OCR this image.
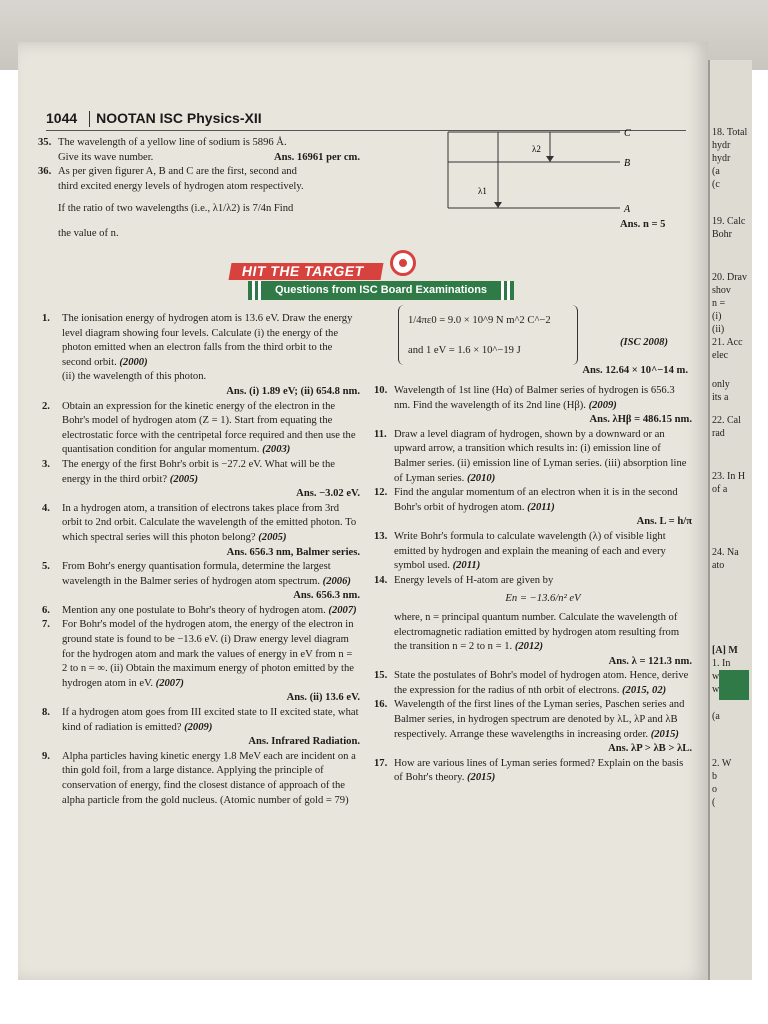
1044 NOOTAN ISC Physics-XII
35. The wavelength of a yellow line of sodium is 5896 Å.
Give its wave number.	Ans. 16961 per cm.
36. As per given figurer A, B and C are the first, second and
third excited energy levels of hydrogen atom respectively.
If the ratio of two wavelengths (i.e., λ1/λ2) is 7/4n Find
the value of n.
C
B
A
λ2
λ1
Ans. n = 5
HIT THE TARGET
Questions from ISC Board Examinations
1. The ionisation energy of hydrogen atom is 13.6 eV. Draw the energy level diagram showing four levels. Calculate (i) the energy of the photon emitted when an electron falls from the third orbit to the second orbit. (2000)
(ii) the wavelength of this photon.
Ans. (i) 1.89 eV; (ii) 654.8 nm.
2. Obtain an expression for the kinetic energy of the electron in the Bohr's model of hydrogen atom (Z = 1). Start from equating the electrostatic force with the centripetal force required and then use the quantisation condition for angular momentum. (2003)
3. The energy of the first Bohr's orbit is −27.2 eV. What will be the energy in the third orbit? (2005)
Ans. −3.02 eV.
4. In a hydrogen atom, a transition of electrons takes place from 3rd orbit to 2nd orbit. Calculate the wavelength of the emitted photon. To which spectral series will this photon belong? (2005)
Ans. 656.3 nm, Balmer series.
5. From Bohr's energy quantisation formula, determine the largest wavelength in the Balmer series of hydrogen atom spectrum. (2006)
Ans. 656.3 nm.
6. Mention any one postulate to Bohr's theory of hydrogen atom. (2007)
7. For Bohr's model of the hydrogen atom, the energy of the electron in ground state is found to be −13.6 eV. (i) Draw energy level diagram for the hydrogen atom and mark the values of energy in eV from n = 2 to n = ∞. (ii) Obtain the maximum energy of photon emitted by the hydrogen atom in eV. (2007)
Ans. (ii) 13.6 eV.
8. If a hydrogen atom goes from III excited state to II excited state, what kind of radiation is emitted? (2009)
Ans. Infrared Radiation.
9. Alpha particles having kinetic energy 1.8 MeV each are incident on a thin gold foil, from a large distance. Applying the principle of conservation of energy, find the closest distance of approach of the alpha particle from the gold nucleus. (Atomic number of gold = 79)
1/4πε0 = 9.0 × 10^9 N m^2 C^−2
and 1 eV = 1.6 × 10^−19 J
(ISC 2008)
Ans. 12.64 × 10^−14 m.
10. Wavelength of 1st line (Hα) of Balmer series of hydrogen is 656.3 nm. Find the wavelength of its 2nd line (Hβ). (2009)
Ans. λHβ = 486.15 nm.
11. Draw a level diagram of hydrogen, shown by a downward or an upward arrow, a transition which results in: (i) emission line of Balmer series. (ii) emission line of Lyman series. (iii) absorption line of Lyman series. (2010)
12. Find the angular momentum of an electron when it is in the second Bohr's orbit of hydrogen atom. (2011)
Ans. L = h/π
13. Write Bohr's formula to calculate wavelength (λ) of visible light emitted by hydrogen and explain the meaning of each and every symbol used. (2011)
14. Energy levels of H-atom are given by
En = −13.6/n² eV
where, n = principal quantum number. Calculate the wavelength of electromagnetic radiation emitted by hydrogen atom resulting from the transition n = 2 to n = 1. (2012)
Ans. λ = 121.3 nm.
15. State the postulates of Bohr's model of hydrogen atom. Hence, derive the expression for the radius of nth orbit of electrons. (2015, 02)
16. Wavelength of the first lines of the Lyman series, Paschen series and Balmer series, in hydrogen spectrum are denoted by λL, λP and λB respectively. Arrange these wavelengths in increasing order. (2015)
Ans. λP > λB > λL.
17. How are various lines of Lyman series formed? Explain on the basis of Bohr's theory. (2015)
18. Total
hydr
hydr
(a
(c
19. Calc
Bohr
20. Drav
shov
n =
(i)
(ii)
21. Acc
elec
only
its a
22. Cal
rad
23. In H
of a
24. Na
ato
[A] M
1. In
w
w
(a
2. W
b
o
(
